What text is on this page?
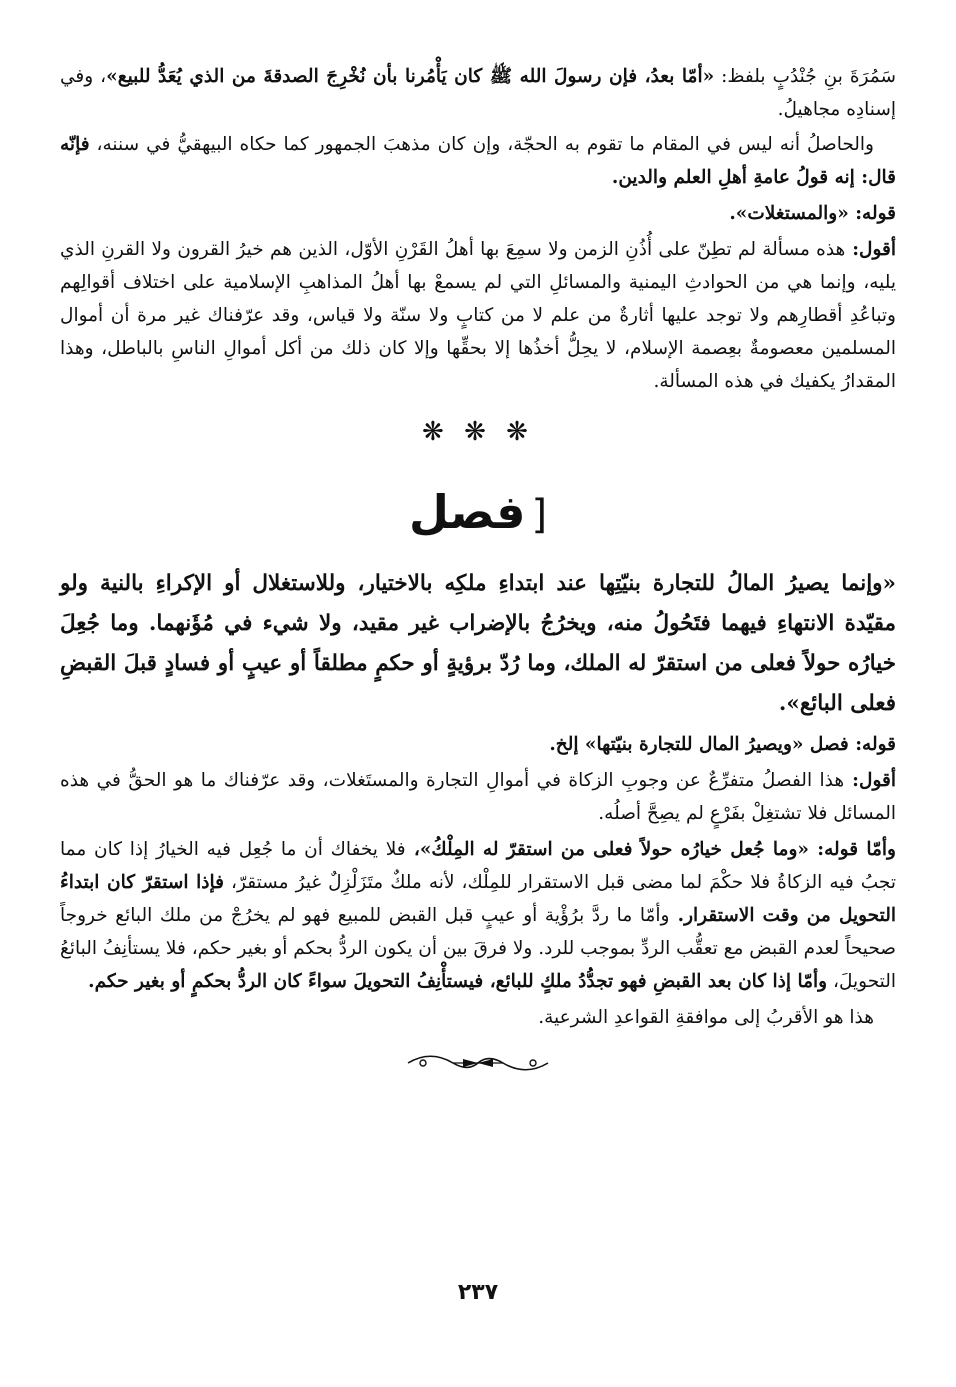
سَمُرَةَ بنِ جُنْدُبٍ بلفظ: «أمّا بعدُ، فإن رسولَ الله ﷺ كان يَأْمُرنا بأن نُخْرِجَ الصدقةَ من الذي يُعَدُّ للبيع»، وفي إسنادِه مجاهيلُ.

والحاصلُ أنه ليس في المقام ما تقوم به الحجّة، وإن كان مذهبَ الجمهور كما حكاه البيهقيُّ في سننه، فإنّه قال: إنه قولُ عامةِ أهلِ العلم والدين.

قوله: «والمستغلات».

أقول: هذه مسألة لم تطِنّ على أُذُنِ الزمن ولا سمِعَ بها أهلُ القَرْنِ الأوّل، الذين هم خيرُ القرون ولا القرنِ الذي يليه، وإنما هي من الحوادثِ اليمنية والمسائلِ التي لم يسمعْ بها أهلُ المذاهبِ الإسلامية على اختلاف أقوالِهم وتباعُدِ أقطارِهم ولا توجد عليها أثارةٌ من علم لا من كتابٍ ولا سنّة ولا قياس، وقد عرّفناك غير مرة أن أموال المسلمين معصومةٌ بعِصمة الإسلام، لا يحِلُّ أخذُها إلا بحقِّها وإلا كان ذلك من أكل أموالِ الناسِ بالباطل، وهذا المقدارُ يكفيك في هذه المسألة.

❋ ❋ ❋
[فصل

«وإنما يصيرُ المالُ للتجارة بنيّتِها عند ابتداءِ ملكِه بالاختيار، وللاستغلال أو الإكراءِ بالنية ولو مقيّدة الانتهاءِ فيهما فتَحُولُ منه، ويخرُجُ بالإضراب غير مقيد، ولا شيء في مُؤَنهما. وما جُعِلَ خيارُه حولاً فعلى من استقرّ له الملك، وما رُدّ برؤيةٍ أو حكمٍ مطلقاً أو عيبٍ أو فسادٍ قبلَ القبضِ فعلى البائع».

قوله: فصل «ويصيرُ المال للتجارة بنيّتها» إلخ.

أقول: هذا الفصلُ متفرِّعٌ عن وجوبِ الزكاة في أموالِ التجارة والمستَغلات، وقد عرّفناك ما هو الحقُّ في هذه المسائل فلا تشتغِلْ بفَرْعٍ لم يصِحَّ أصلُه.

وأمّا قوله: «وما جُعل خيارُه حولاً فعلى من استقرّ له المِلْكُ»، فلا يخفاك أن ما جُعِل فيه الخيارُ إذا كان مما تجبُ فيه الزكاةُ فلا حكْمَ لما مضى قبل الاستقرار للمِلْك، لأنه ملكٌ متَزَلْزِلٌ غيرُ مستقرّ، فإذا استقرّ كان ابتداءُ التحويل من وقت الاستقرار. وأمّا ما ردَّ برُؤْية أو عيبٍ قبل القبض للمبيع فهو لم يخرُجْ من ملك البائع خروجاً صحيحاً لعدم القبض مع تعقُّب الردِّ بموجب للرد. ولا فرقَ بين أن يكون الردُّ بحكم أو بغير حكم، فلا يستأنِفُ البائعُ التحويلَ، وأمّا إذا كان بعد القبضِ فهو تجدُّدُ ملكٍ للبائع، فيستأْنِفُ التحويلَ سواءً كان الردُّ بحكمٍ أو بغير حكم.

هذا هو الأقربُ إلى موافقةِ القواعدِ الشرعية.

٢٣٧
